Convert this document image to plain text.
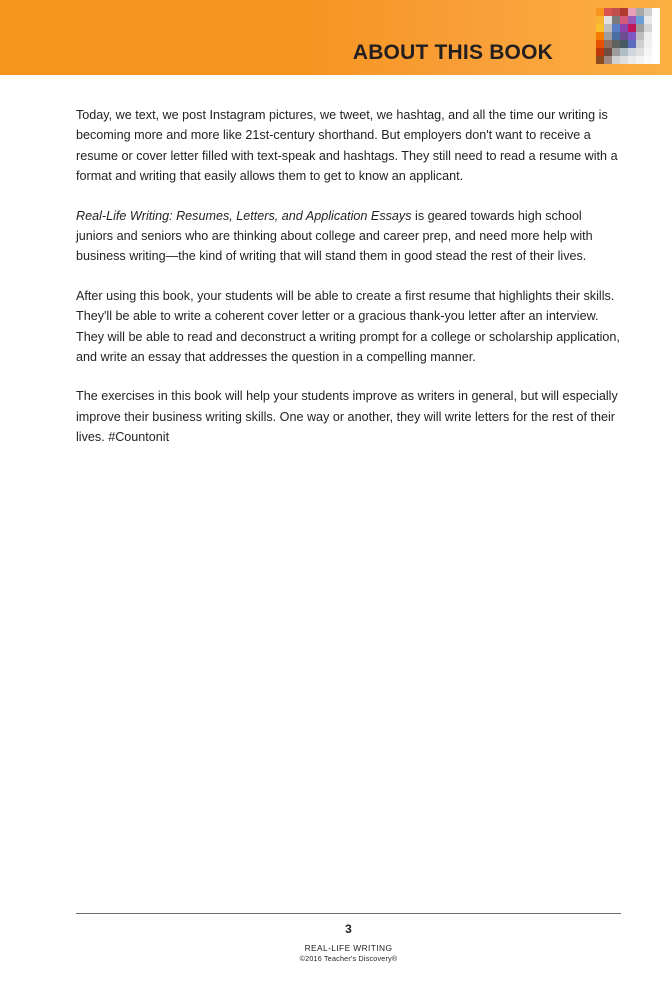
ABOUT THIS BOOK

Today, we text, we post Instagram pictures, we tweet, we hashtag, and all the time our writing is becoming more and more like 21st-century shorthand. But employers don't want to receive a resume or cover letter filled with text-speak and hashtags. They still need to read a resume with a format and writing that easily allows them to get to know an applicant.

Real-Life Writing: Resumes, Letters, and Application Essays is geared towards high school juniors and seniors who are thinking about college and career prep, and need more help with business writing—the kind of writing that will stand them in good stead the rest of their lives.

After using this book, your students will be able to create a first resume that highlights their skills. They'll be able to write a coherent cover letter or a gracious thank-you letter after an interview. They will be able to read and deconstruct a writing prompt for a college or scholarship application, and write an essay that addresses the question in a compelling manner.

The exercises in this book will help your students improve as writers in general, but will especially improve their business writing skills. One way or another, they will write letters for the rest of their lives. #Countonit

3
REAL-LIFE WRITING
©2016 Teacher's Discovery®
